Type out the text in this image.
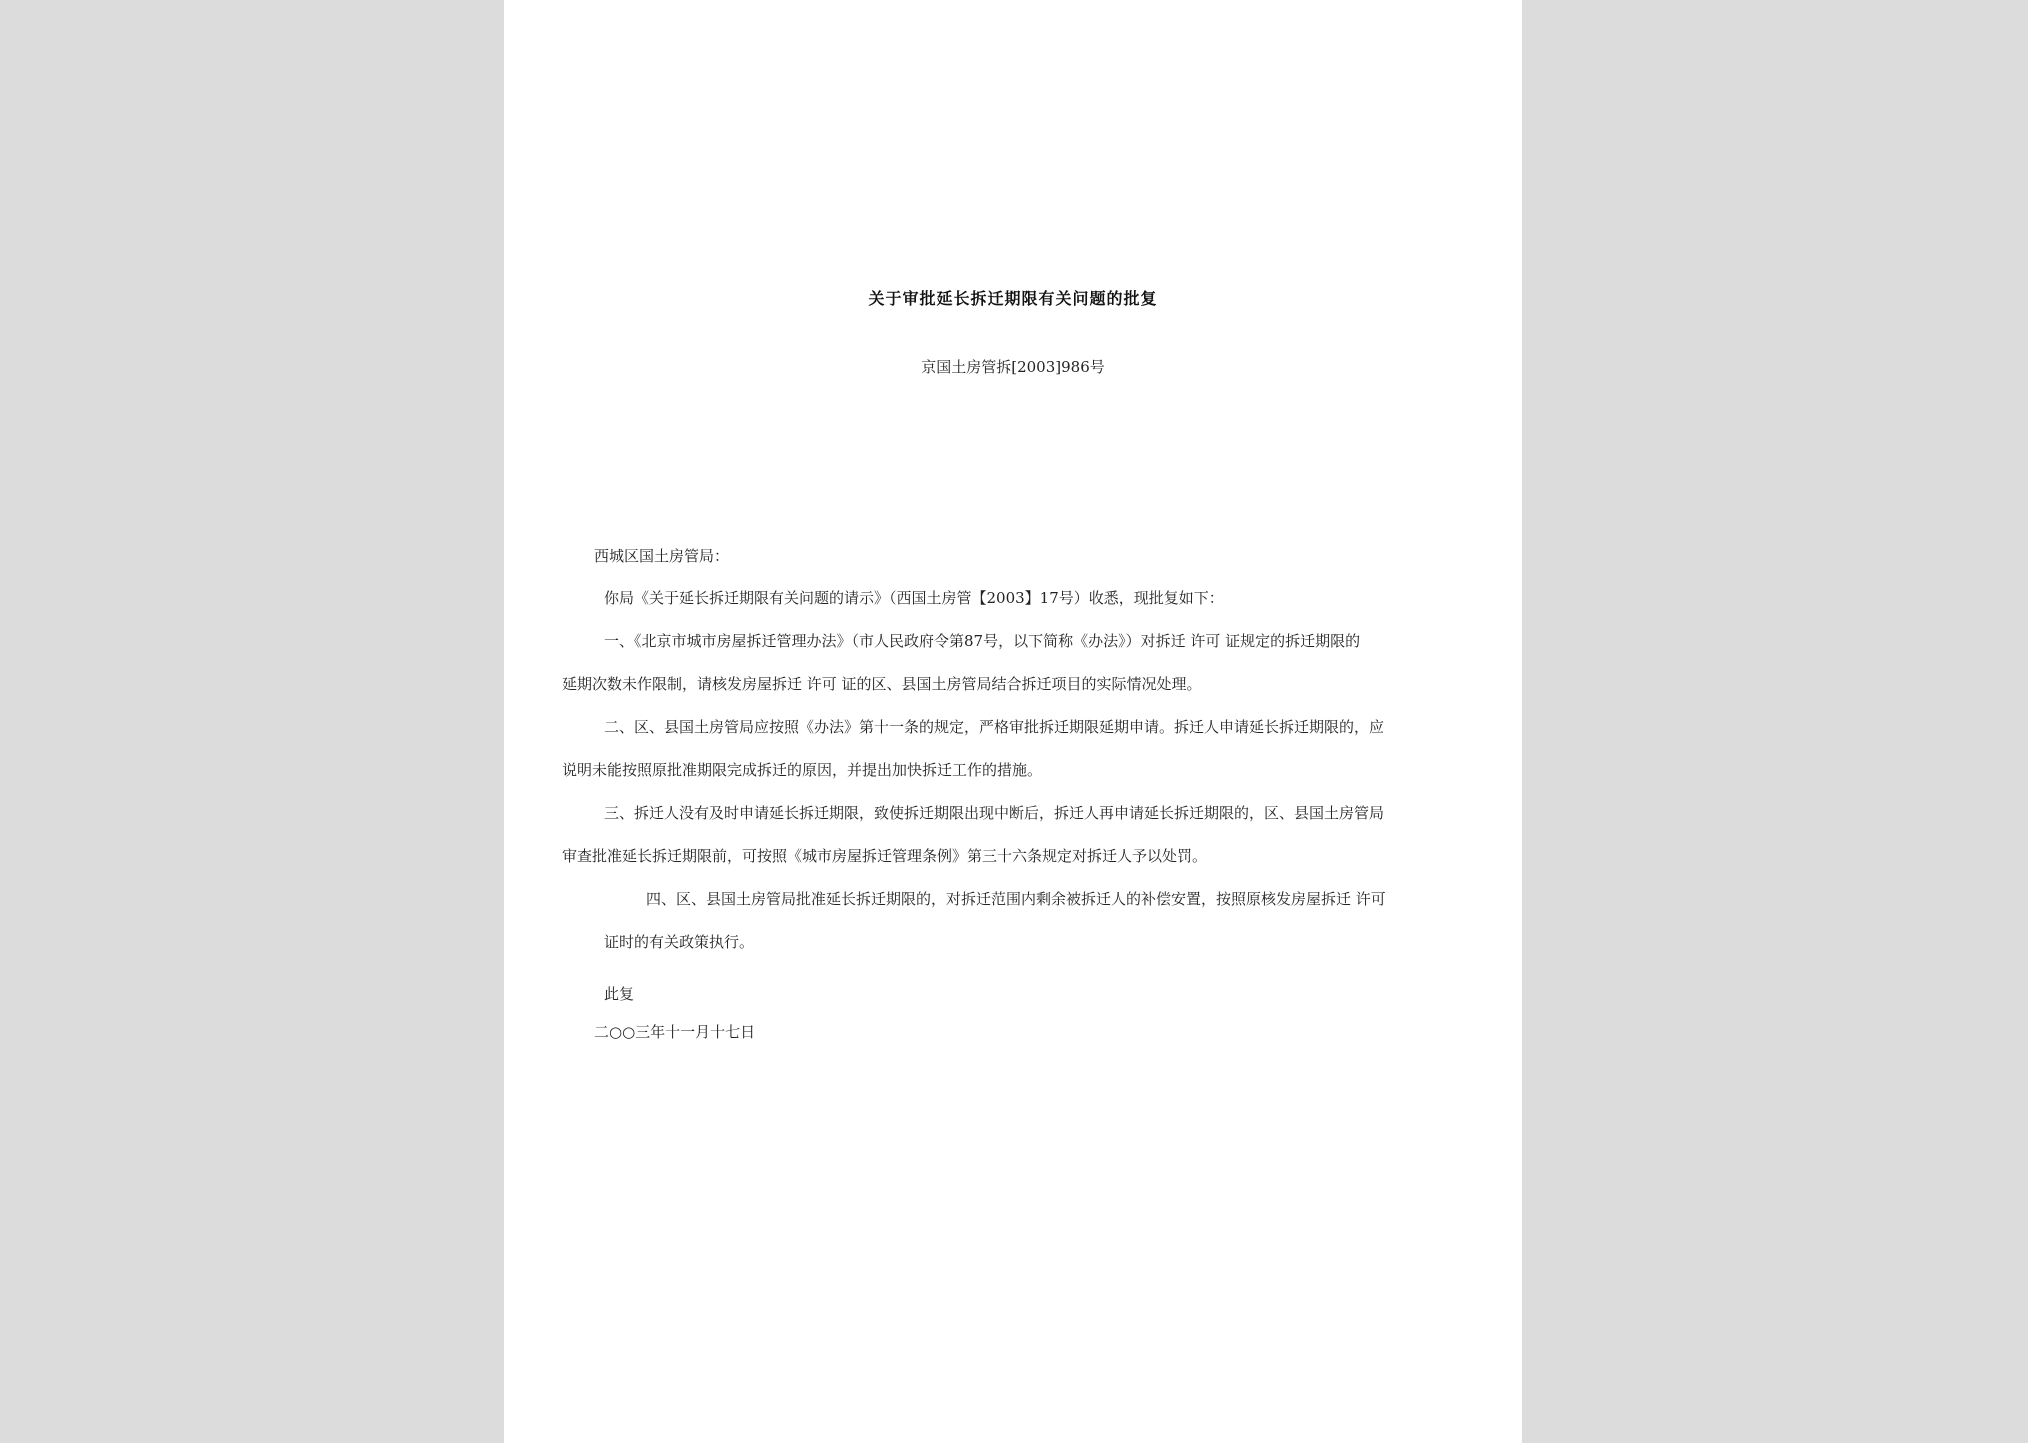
关于审批延长拆迁期限有关问题的批复
京国土房管拆[2003]986号
西城区国土房管局：
你局《关于延长拆迁期限有关问题的请示》（西国土房管【2003】17号）收悉，现批复如下：
一、《北京市城市房屋拆迁管理办法》（市人民政府令第87号，以下简称《办法》）对拆迁 许可 证规定的拆迁期限的
延期次数未作限制，请核发房屋拆迁 许可 证的区、县国土房管局结合拆迁项目的实际情况处理。
二、区、县国土房管局应按照《办法》第十一条的规定，严格审批拆迁期限延期申请。拆迁人申请延长拆迁期限的，应
说明未能按照原批准期限完成拆迁的原因，并提出加快拆迁工作的措施。
三、拆迁人没有及时申请延长拆迁期限，致使拆迁期限出现中断后，拆迁人再申请延长拆迁期限的，区、县国土房管局
审查批准延长拆迁期限前，可按照《城市房屋拆迁管理条例》第三十六条规定对拆迁人予以处罚。
四、区、县国土房管局批准延长拆迁期限的，对拆迁范围内剩余被拆迁人的补偿安置，按照原核发房屋拆迁 许可
证时的有关政策执行。
此复
二○○三年十一月十七日
